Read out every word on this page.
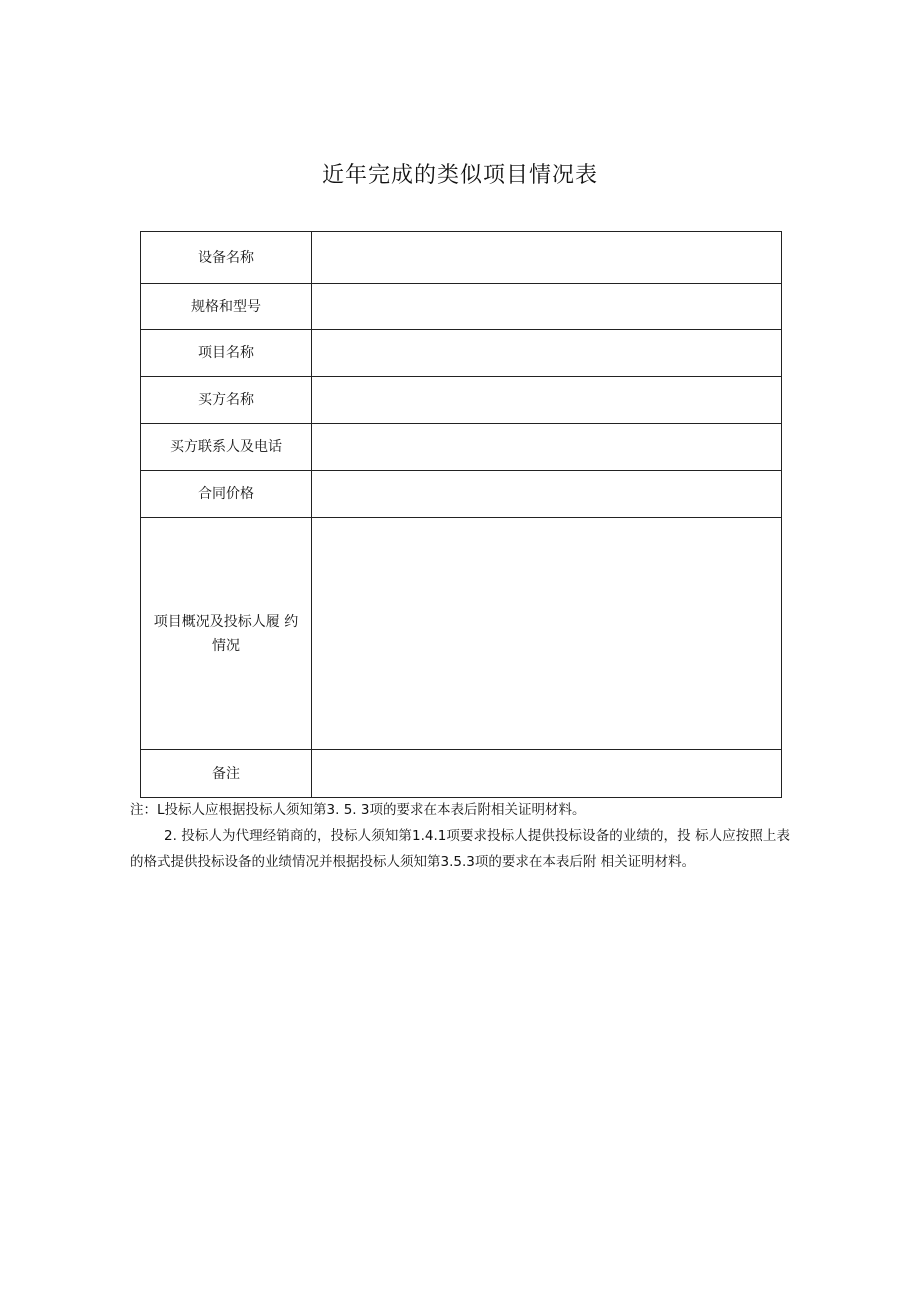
近年完成的类似项目情况表
设备名称	
规格和型号	
项目名称	
买方名称	
买方联系人及电话	
合同价格	
项目概况及投标人履 约情况	
备注	

注：L投标人应根据投标人须知第3. 5. 3项的要求在本表后附相关证明材料。

2. 投标人为代理经销商的，投标人须知第1.4.1项要求投标人提供投标设备的业绩的，投 标人应按照上表的格式提供投标设备的业绩情况并根据投标人须知第3.5.3项的要求在本表后附 相关证明材料。
